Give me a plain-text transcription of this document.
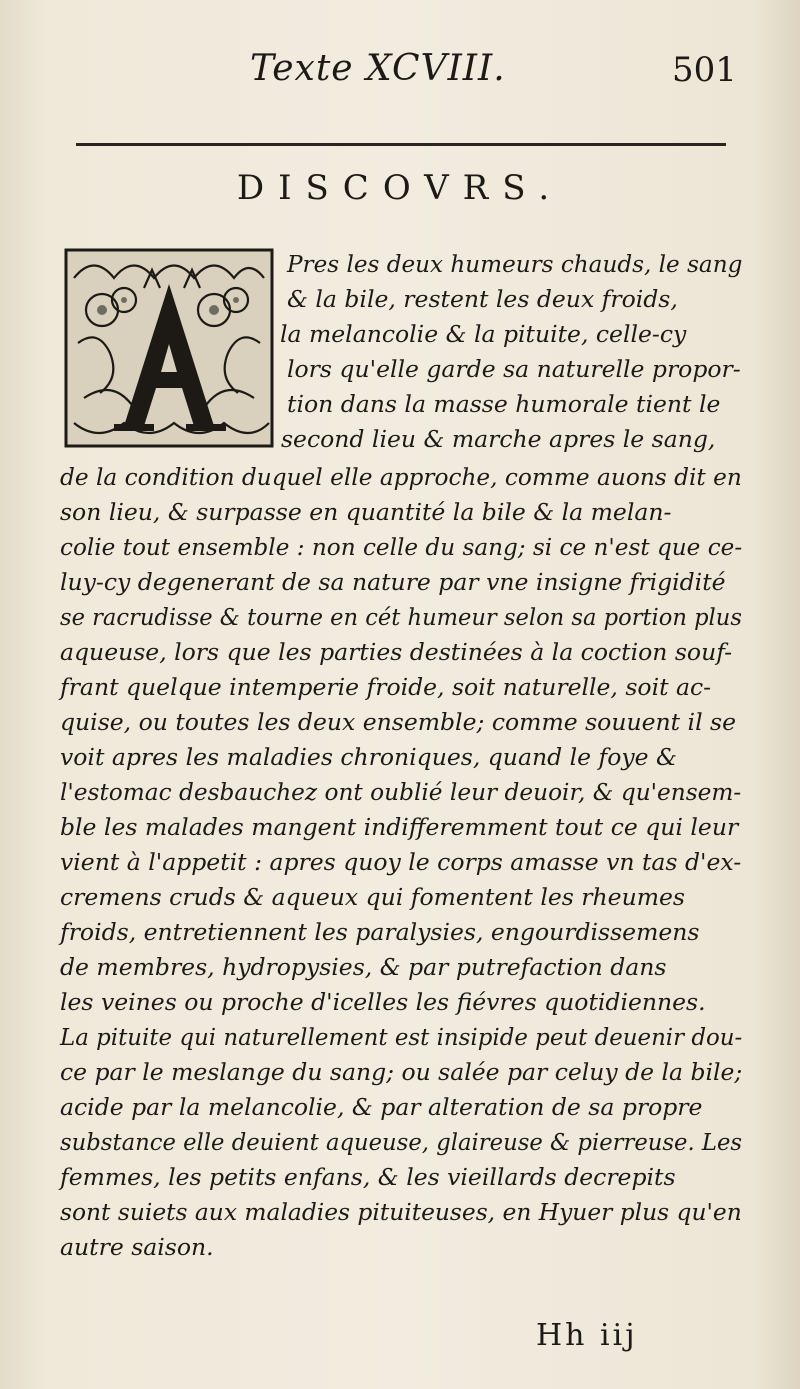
Texte XCVIII.	501
DISCOVRS.
Pres les deux humeurs chauds, le sang
& la bile, restent les deux froids,
la melancolie & la pituite, celle-cy
lors qu'elle garde sa naturelle propor-
tion dans la masse humorale tient le
second lieu & marche apres le sang,
de la condition duquel elle approche, comme auons dit en
son lieu, & surpasse en quantité la bile & la melan-
colie tout ensemble : non celle du sang; si ce n'est que ce-
luy-cy degenerant de sa nature par vne insigne frigidité
se racrudisse & tourne en cét humeur selon sa portion plus
aqueuse, lors que les parties destinées à la coction souf-
frant quelque intemperie froide, soit naturelle, soit ac-
quise, ou toutes les deux ensemble; comme souuent il se
voit apres les maladies chroniques, quand le foye &
l'estomac desbauchez ont oublié leur deuoir, & qu'ensem-
ble les malades mangent indifferemment tout ce qui leur
vient à l'appetit : apres quoy le corps amasse vn tas d'ex-
cremens cruds & aqueux qui fomentent les rheumes
froids, entretiennent les paralysies, engourdissemens
de membres, hydropysies, & par putrefaction dans
les veines ou proche d'icelles les fiévres quotidiennes.
La pituite qui naturellement est insipide peut deuenir dou-
ce par le meslange du sang; ou salée par celuy de la bile;
acide par la melancolie, & par alteration de sa propre
substance elle deuient aqueuse, glaireuse & pierreuse. Les
femmes, les petits enfans, & les vieillards decrepits
sont suiets aux maladies pituiteuses, en Hyuer plus qu'en
autre saison.
Hh iij
